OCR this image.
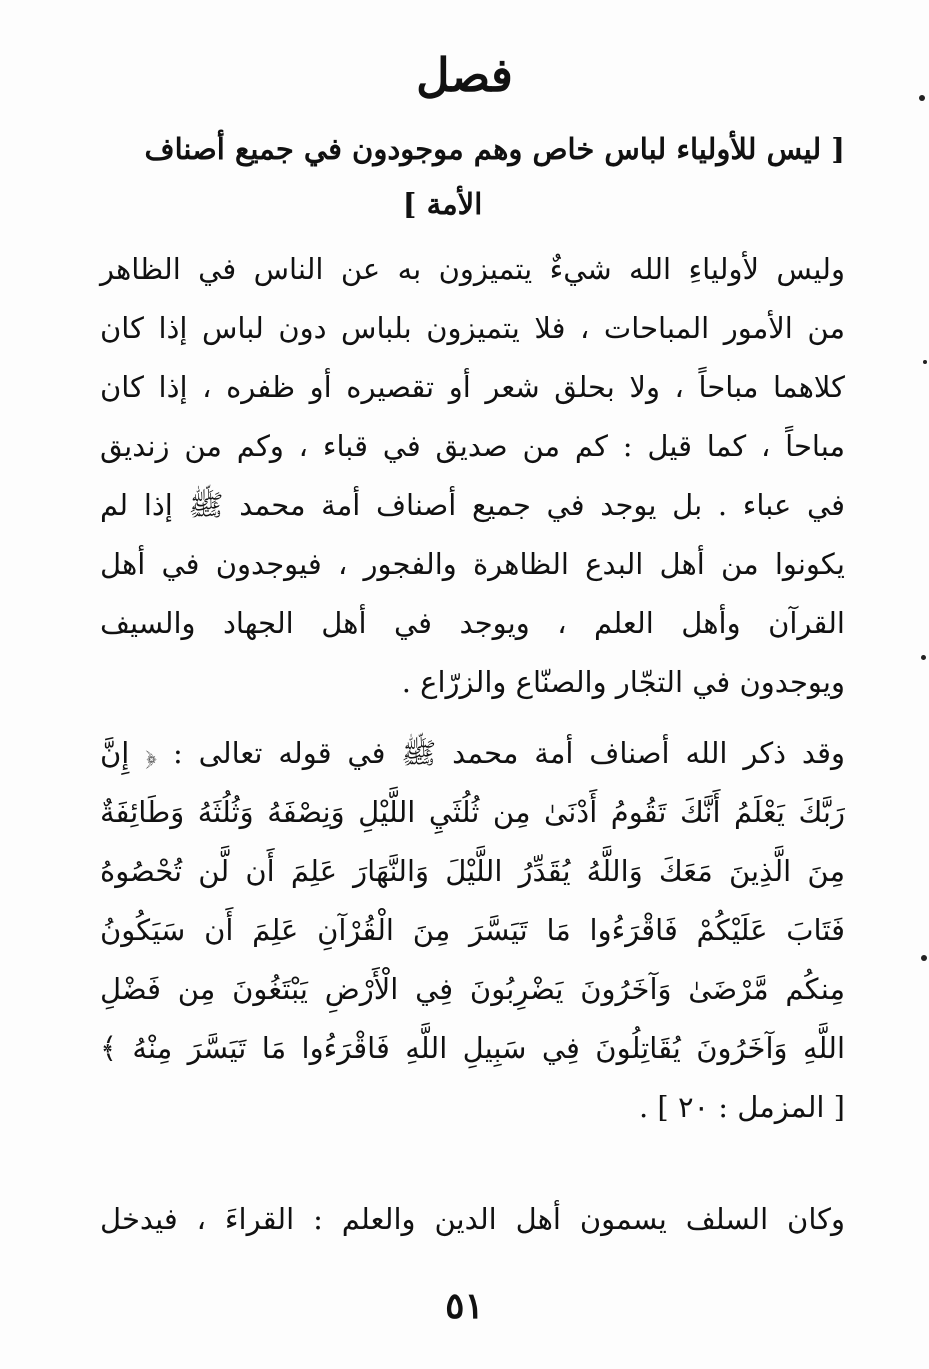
فصل
[ ليس للأولياء لباس خاص وهم موجودون في جميع أصناف
الأمة ]
وليس لأولياءِ الله شيءٌ يتميزون به عن الناس في الظاهر
من الأمور المباحات ، فلا يتميزون بلباس دون لباس إذا كان
كلاهما مباحاً ، ولا بحلق شعر أو تقصيره أو ظفره ، إذا كان
مباحاً ، كما قيل : كم من صديق في قباء ، وكم من زنديق
في عباء . بل يوجد في جميع أصناف أمة محمد ﷺ إذا لم
يكونوا من أهل البدع الظاهرة والفجور ، فيوجدون في أهل
القرآن وأهل العلم ، ويوجد في أهل الجهاد والسيف
ويوجدون في التجّار والصنّاع والزرّاع .
وقد ذكر الله أصناف أمة محمد ﷺ في قوله تعالى : ﴿ إِنَّ
رَبَّكَ يَعْلَمُ أَنَّكَ تَقُومُ أَدْنَىٰ مِن ثُلُثَيِ اللَّيْلِ وَنِصْفَهُ وَثُلُثَهُ وَطَائِفَةٌ
مِنَ الَّذِينَ مَعَكَ وَاللَّهُ يُقَدِّرُ اللَّيْلَ وَالنَّهَارَ عَلِمَ أَن لَّن تُحْصُوهُ
فَتَابَ عَلَيْكُمْ فَاقْرَءُوا مَا تَيَسَّرَ مِنَ الْقُرْآنِ عَلِمَ أَن سَيَكُونُ
مِنكُم مَّرْضَىٰ وَآخَرُونَ يَضْرِبُونَ فِي الْأَرْضِ يَبْتَغُونَ مِن فَضْلِ
اللَّهِ وَآخَرُونَ يُقَاتِلُونَ فِي سَبِيلِ اللَّهِ فَاقْرَءُوا مَا تَيَسَّرَ مِنْهُ ﴾
[ المزمل : ٢٠ ] .
وكان السلف يسمون أهل الدين والعلم : القراءَ ، فيدخل
٥١
